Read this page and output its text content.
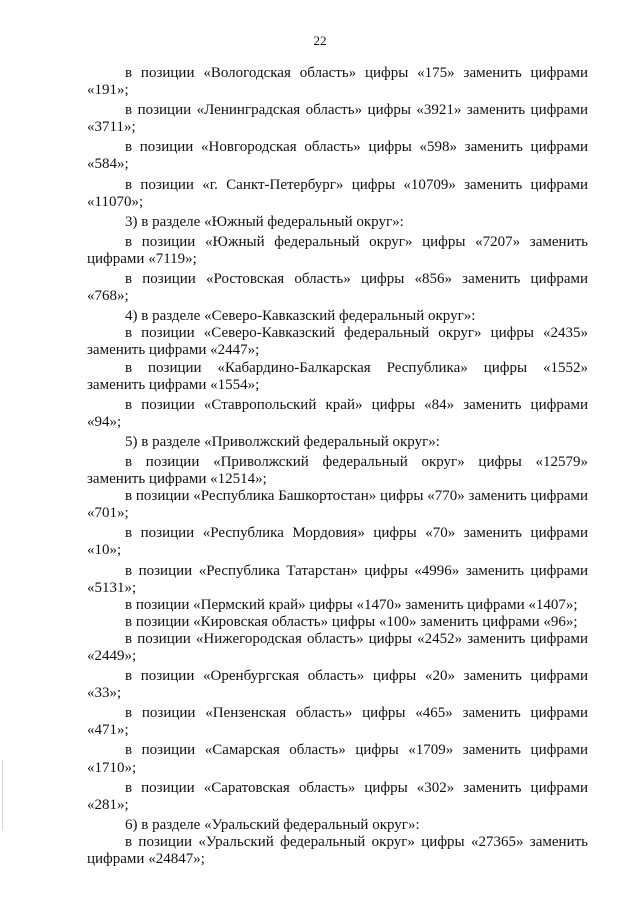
22

в позиции «Вологодская область» цифры «175» заменить цифрами «191»;

в позиции «Ленинградская область» цифры «3921» заменить цифрами «3711»;

в позиции «Новгородская область» цифры «598» заменить цифрами «584»;

в позиции «г. Санкт-Петербург» цифры «10709» заменить цифрами «11070»;

3) в разделе «Южный федеральный округ»:

в позиции «Южный федеральный округ» цифры «7207» заменить цифрами «7119»;

в позиции «Ростовская область» цифры «856» заменить цифрами «768»;

4) в разделе «Северо-Кавказский федеральный округ»:

в позиции «Северо-Кавказский федеральный округ» цифры «2435» заменить цифрами «2447»;

в позиции «Кабардино-Балкарская Республика» цифры «1552» заменить цифрами «1554»;

в позиции «Ставропольский край» цифры «84» заменить цифрами «94»;

5) в разделе «Приволжский федеральный округ»:

в позиции «Приволжский федеральный округ» цифры «12579» заменить цифрами «12514»;

в позиции «Республика Башкортостан» цифры «770» заменить цифрами «701»;

в позиции «Республика Мордовия» цифры «70» заменить цифрами «10»;

в позиции «Республика Татарстан» цифры «4996» заменить цифрами «5131»;

в позиции «Пермский край» цифры «1470» заменить цифрами «1407»;

в позиции «Кировская область» цифры «100» заменить цифрами «96»;

в позиции «Нижегородская область» цифры «2452» заменить цифрами «2449»;

в позиции «Оренбургская область» цифры «20» заменить цифрами «33»;

в позиции «Пензенская область» цифры «465» заменить цифрами «471»;

в позиции «Самарская область» цифры «1709» заменить цифрами «1710»;

в позиции «Саратовская область» цифры «302» заменить цифрами «281»;

6) в разделе «Уральский федеральный округ»:

в позиции «Уральский федеральный округ» цифры «27365» заменить цифрами «24847»;
